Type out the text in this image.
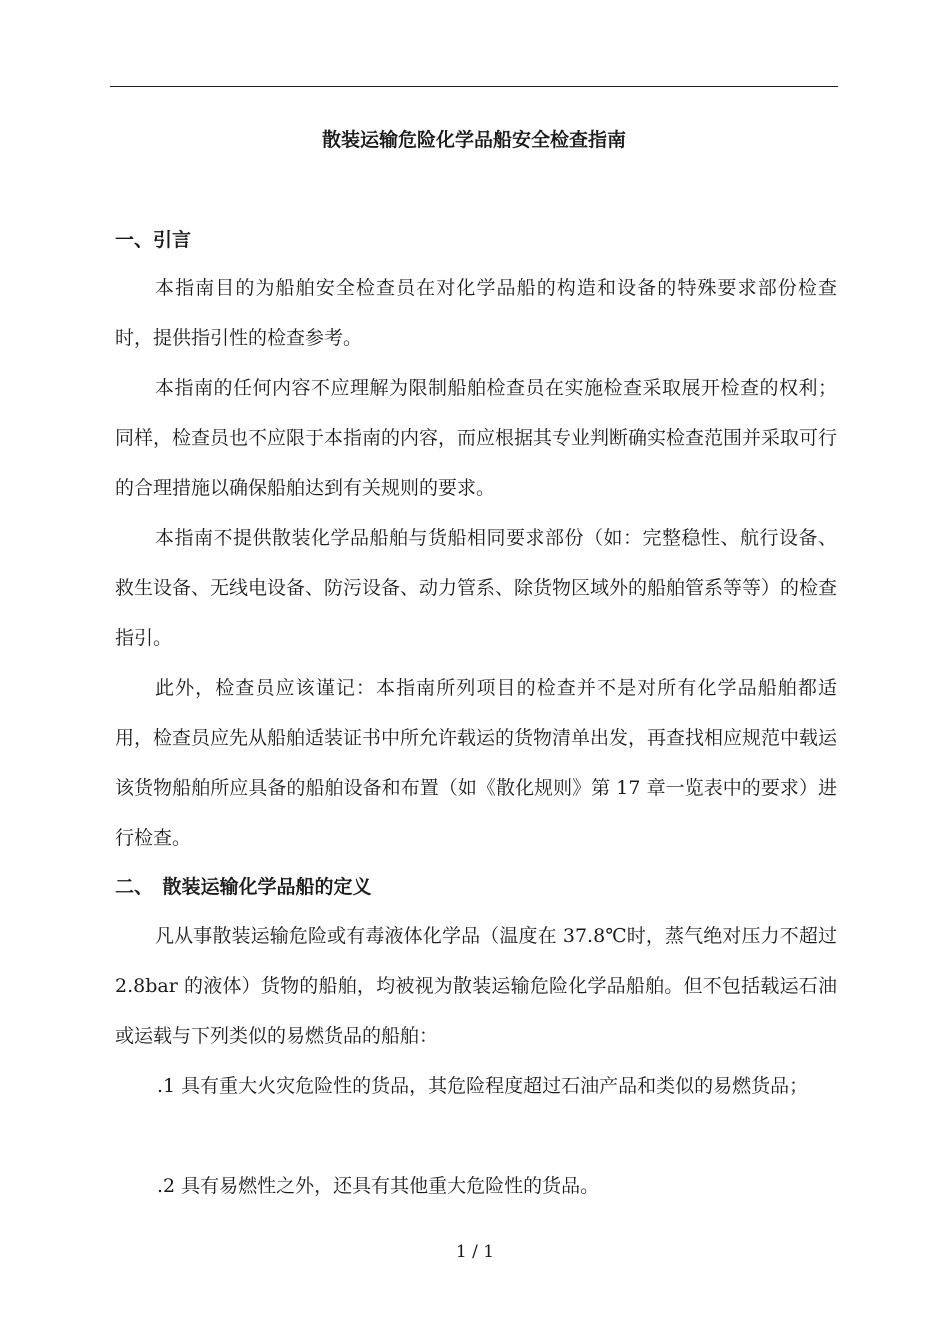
散装运输危险化学品船安全检查指南
一、引言
本指南目的为船舶安全检查员在对化学品船的构造和设备的特殊要求部份检查时，提供指引性的检查参考。
本指南的任何内容不应理解为限制船舶检查员在实施检查采取展开检查的权利；同样，检查员也不应限于本指南的内容，而应根据其专业判断确实检查范围并采取可行的合理措施以确保船舶达到有关规则的要求。
本指南不提供散装化学品船舶与货船相同要求部份（如：完整稳性、航行设备、救生设备、无线电设备、防污设备、动力管系、除货物区域外的船舶管系等等）的检查指引。
此外，检查员应该谨记：本指南所列项目的检查并不是对所有化学品船舶都适用，检查员应先从船舶适装证书中所允许载运的货物清单出发，再查找相应规范中载运该货物船舶所应具备的船舶设备和布置（如《散化规则》第 17 章一览表中的要求）进行检查。
二、　散装运输化学品船的定义
凡从事散装运输危险或有毒液体化学品（温度在 37.8℃时，蒸气绝对压力不超过 2.8bar 的液体）货物的船舶，均被视为散装运输危险化学品船舶。但不包括载运石油或运载与下列类似的易燃货品的船舶：
.1 具有重大火灾危险性的货品，其危险程度超过石油产品和类似的易燃货品；
.2 具有易燃性之外，还具有其他重大危险性的货品。
1 / 1
